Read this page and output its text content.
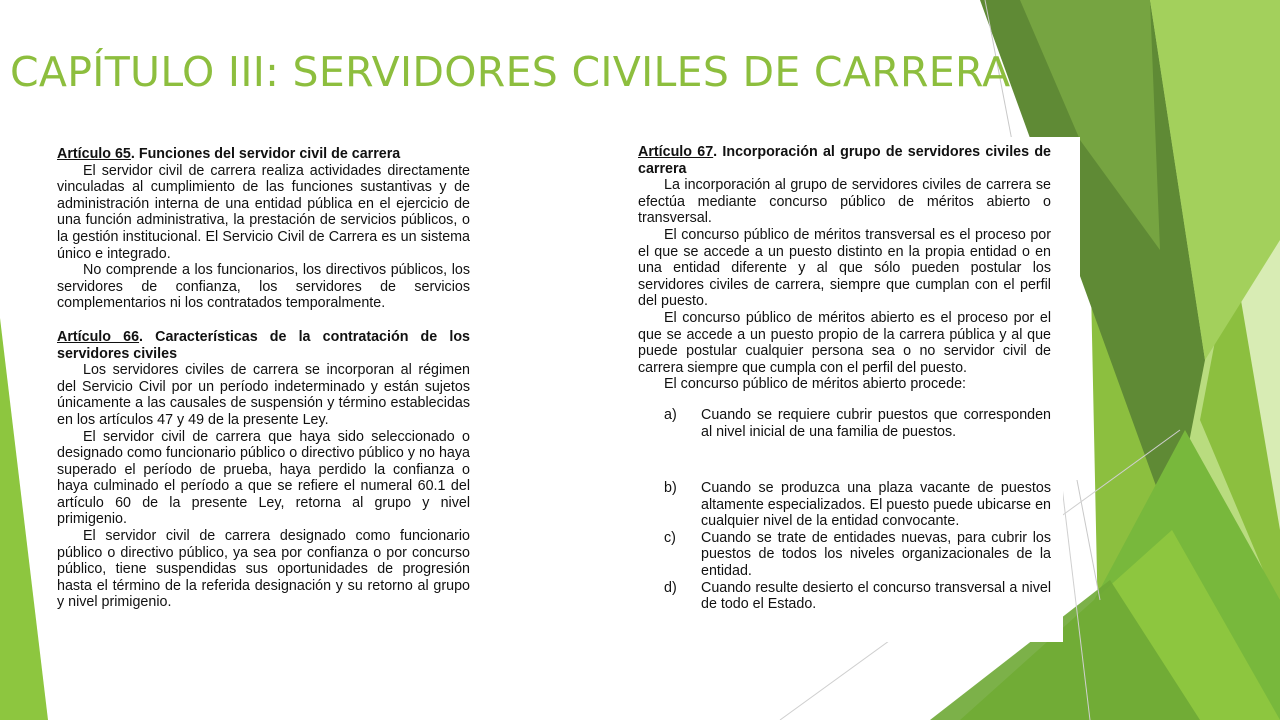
CAPÍTULO III: SERVIDORES CIVILES DE CARRERA
Artículo 65. Funciones del servidor civil de carrera

El servidor civil de carrera realiza actividades directamente vinculadas al cumplimiento de las funciones sustantivas y de administración interna de una entidad pública en el ejercicio de una función administrativa, la prestación de servicios públicos, o la gestión institucional. El Servicio Civil de Carrera es un sistema único e integrado.

No comprende a los funcionarios, los directivos públicos, los servidores de confianza, los servidores de servicios complementarios ni los contratados temporalmente.

Artículo 66. Características de la contratación de los servidores civiles

Los servidores civiles de carrera se incorporan al régimen del Servicio Civil por un período indeterminado y están sujetos únicamente a las causales de suspensión y término establecidas en los artículos 47 y 49 de la presente Ley.

El servidor civil de carrera que haya sido seleccionado o designado como funcionario público o directivo público y no haya superado el período de prueba, haya perdido la confianza o haya culminado el período a que se refiere el numeral 60.1 del artículo 60 de la presente Ley, retorna al grupo y nivel primigenio.

El servidor civil de carrera designado como funcionario público o directivo público, ya sea por confianza o por concurso público, tiene suspendidas sus oportunidades de progresión hasta el término de la referida designación y su retorno al grupo y nivel primigenio.

Artículo 67. Incorporación al grupo de servidores civiles de carrera

La incorporación al grupo de servidores civiles de carrera se efectúa mediante concurso público de méritos abierto o transversal.

El concurso público de méritos transversal es el proceso por el que se accede a un puesto distinto en la propia entidad o en una entidad diferente y al que sólo pueden postular los servidores civiles de carrera, siempre que cumplan con el perfil del puesto.

El concurso público de méritos abierto es el proceso por el que se accede a un puesto propio de la carrera pública y al que puede postular cualquier persona sea o no servidor civil de carrera siempre que cumpla con el perfil del puesto.

El concurso público de méritos abierto procede:

a)	Cuando se requiere cubrir puestos que corresponden al nivel inicial de una familia de puestos.
b)	Cuando se produzca una plaza vacante de puestos altamente especializados. El puesto puede ubicarse en cualquier nivel de la entidad convocante.
c)	Cuando se trate de entidades nuevas, para cubrir los puestos de todos los niveles organizacionales de la entidad.
d)	Cuando resulte desierto el concurso transversal a nivel de todo el Estado.
